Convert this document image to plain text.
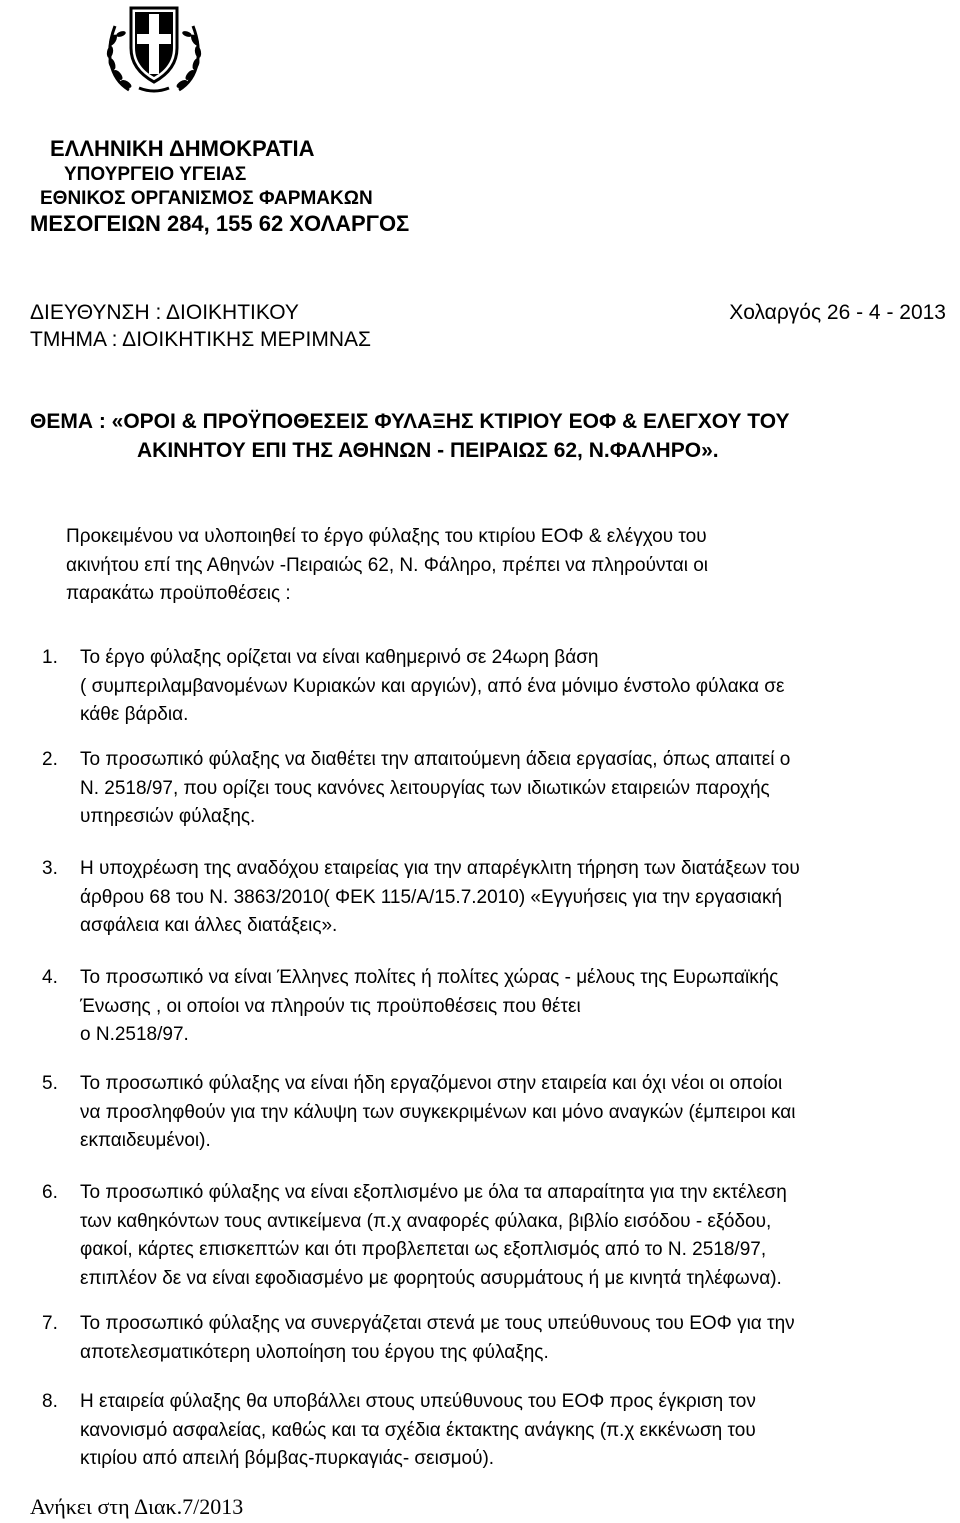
ΕΛΛΗΝΙΚΗ ΔΗΜΟΚΡΑΤΙΑ
ΥΠΟΥΡΓΕΙΟ ΥΓΕΙΑΣ
ΕΘΝΙΚΟΣ ΟΡΓΑΝΙΣΜΟΣ ΦΑΡΜΑΚΩΝ
ΜΕΣΟΓΕΙΩΝ 284, 155 62 ΧΟΛΑΡΓΟΣ
ΔΙΕΥΘΥΝΣΗ : ΔΙΟΙΚΗΤΙΚΟΥ
ΤΜΗΜΑ : ΔΙΟΙΚΗΤΙΚΗΣ ΜΕΡΙΜΝΑΣ
Χολαργός 26 - 4 - 2013
ΘΕΜΑ : «ΟΡΟΙ & ΠΡΟΫΠΟΘΕΣΕΙΣ ΦΥΛΑΞΗΣ ΚΤΙΡΙΟΥ ΕΟΦ & ΕΛΕΓΧΟΥ ΤΟΥ
ΑΚΙΝΗΤΟΥ ΕΠΙ ΤΗΣ ΑΘΗΝΩΝ - ΠΕΙΡΑΙΩΣ 62, Ν.ΦΑΛΗΡΟ».
Προκειμένου να υλοποιηθεί το έργο φύλαξης του κτιρίου ΕΟΦ & ελέγχου του
ακινήτου επί της Αθηνών -Πειραιώς 62, Ν. Φάληρο, πρέπει να πληρούνται οι
παρακάτω προϋποθέσεις :
1. Το έργο φύλαξης ορίζεται να είναι καθημερινό σε 24ωρη βάση
( συμπεριλαμβανομένων Κυριακών και αργιών), από ένα μόνιμο ένστολο φύλακα σε
κάθε βάρδια.
2. Το προσωπικό φύλαξης να διαθέτει την απαιτούμενη άδεια εργασίας, όπως απαιτεί ο
Ν. 2518/97, που ορίζει τους κανόνες λειτουργίας των ιδιωτικών εταιρειών παροχής
υπηρεσιών φύλαξης.
3. Η υποχρέωση της αναδόχου εταιρείας για την απαρέγκλιτη τήρηση των διατάξεων του
άρθρου 68 του Ν. 3863/2010( ΦΕΚ 115/Α/15.7.2010) «Εγγυήσεις για την εργασιακή
ασφάλεια και άλλες διατάξεις».
4. Το προσωπικό να είναι Έλληνες πολίτες ή πολίτες χώρας - μέλους της Ευρωπαϊκής
Ένωσης , οι οποίοι να πληρούν τις προϋποθέσεις που θέτει
ο Ν.2518/97.
5. Το προσωπικό φύλαξης να είναι ήδη εργαζόμενοι στην εταιρεία και όχι νέοι οι οποίοι
να προσληφθούν για την κάλυψη των συγκεκριμένων και μόνο αναγκών (έμπειροι και
εκπαιδευμένοι).
6. Το προσωπικό φύλαξης να είναι εξοπλισμένο με όλα τα απαραίτητα για την εκτέλεση
των καθηκόντων τους αντικείμενα (π.χ αναφορές φύλακα, βιβλίο εισόδου - εξόδου,
φακοί, κάρτες επισκεπτών και ότι προβλεπεται ως εξοπλισμός από το Ν. 2518/97,
επιπλέον δε να είναι εφοδιασμένο με φορητούς ασυρμάτους ή με κινητά τηλέφωνα).
7. Το προσωπικό φύλαξης να συνεργάζεται στενά με τους υπεύθυνους του ΕΟΦ για την
αποτελεσματικότερη υλοποίηση του έργου της φύλαξης.
8. Η εταιρεία φύλαξης θα υποβάλλει στους υπεύθυνους του ΕΟΦ προς έγκριση τον
κανονισμό ασφαλείας, καθώς και τα σχέδια έκτακτης ανάγκης (π.χ εκκένωση του
κτιρίου από απειλή βόμβας-πυρκαγιάς- σεισμού).
Ανήκει στη Διακ.7/2013
